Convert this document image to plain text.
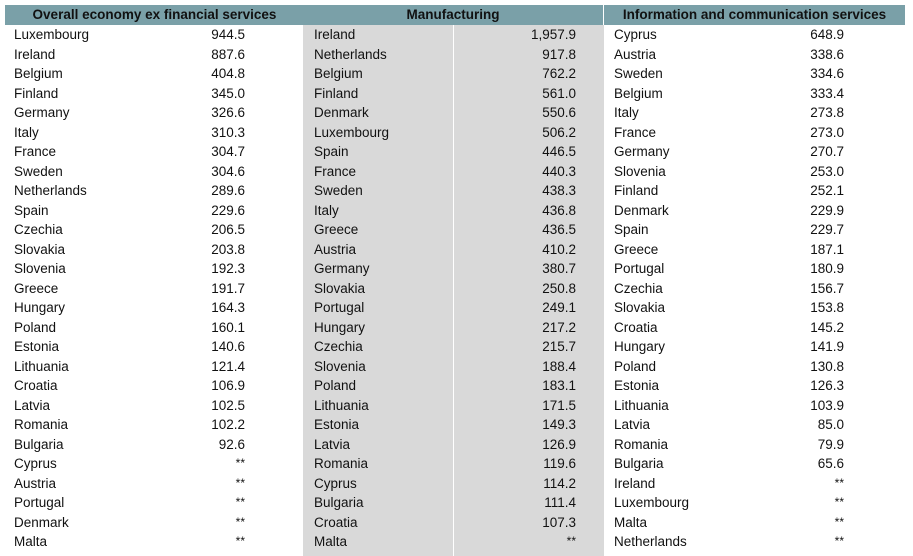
Overall economy ex financial services
Luxembourg	944.5
Ireland	887.6
Belgium	404.8
Finland	345.0
Germany	326.6
Italy	310.3
France	304.7
Sweden	304.6
Netherlands	289.6
Spain	229.6
Czechia	206.5
Slovakia	203.8
Slovenia	192.3
Greece	191.7
Hungary	164.3
Poland	160.1
Estonia	140.6
Lithuania	121.4
Croatia	106.9
Latvia	102.5
Romania	102.2
Bulgaria	92.6
Cyprus	**
Austria	**
Portugal	**
Denmark	**
Malta	**
Manufacturing
Ireland	1,957.9
Netherlands	917.8
Belgium	762.2
Finland	561.0
Denmark	550.6
Luxembourg	506.2
Spain	446.5
France	440.3
Sweden	438.3
Italy	436.8
Greece	436.5
Austria	410.2
Germany	380.7
Slovakia	250.8
Portugal	249.1
Hungary	217.2
Czechia	215.7
Slovenia	188.4
Poland	183.1
Lithuania	171.5
Estonia	149.3
Latvia	126.9
Romania	119.6
Cyprus	114.2
Bulgaria	111.4
Croatia	107.3
Malta	**
Information and communication services
Cyprus	648.9
Austria	338.6
Sweden	334.6
Belgium	333.4
Italy	273.8
France	273.0
Germany	270.7
Slovenia	253.0
Finland	252.1
Denmark	229.9
Spain	229.7
Greece	187.1
Portugal	180.9
Czechia	156.7
Slovakia	153.8
Croatia	145.2
Hungary	141.9
Poland	130.8
Estonia	126.3
Lithuania	103.9
Latvia	85.0
Romania	79.9
Bulgaria	65.6
Ireland	**
Luxembourg	**
Malta	**
Netherlands	**
